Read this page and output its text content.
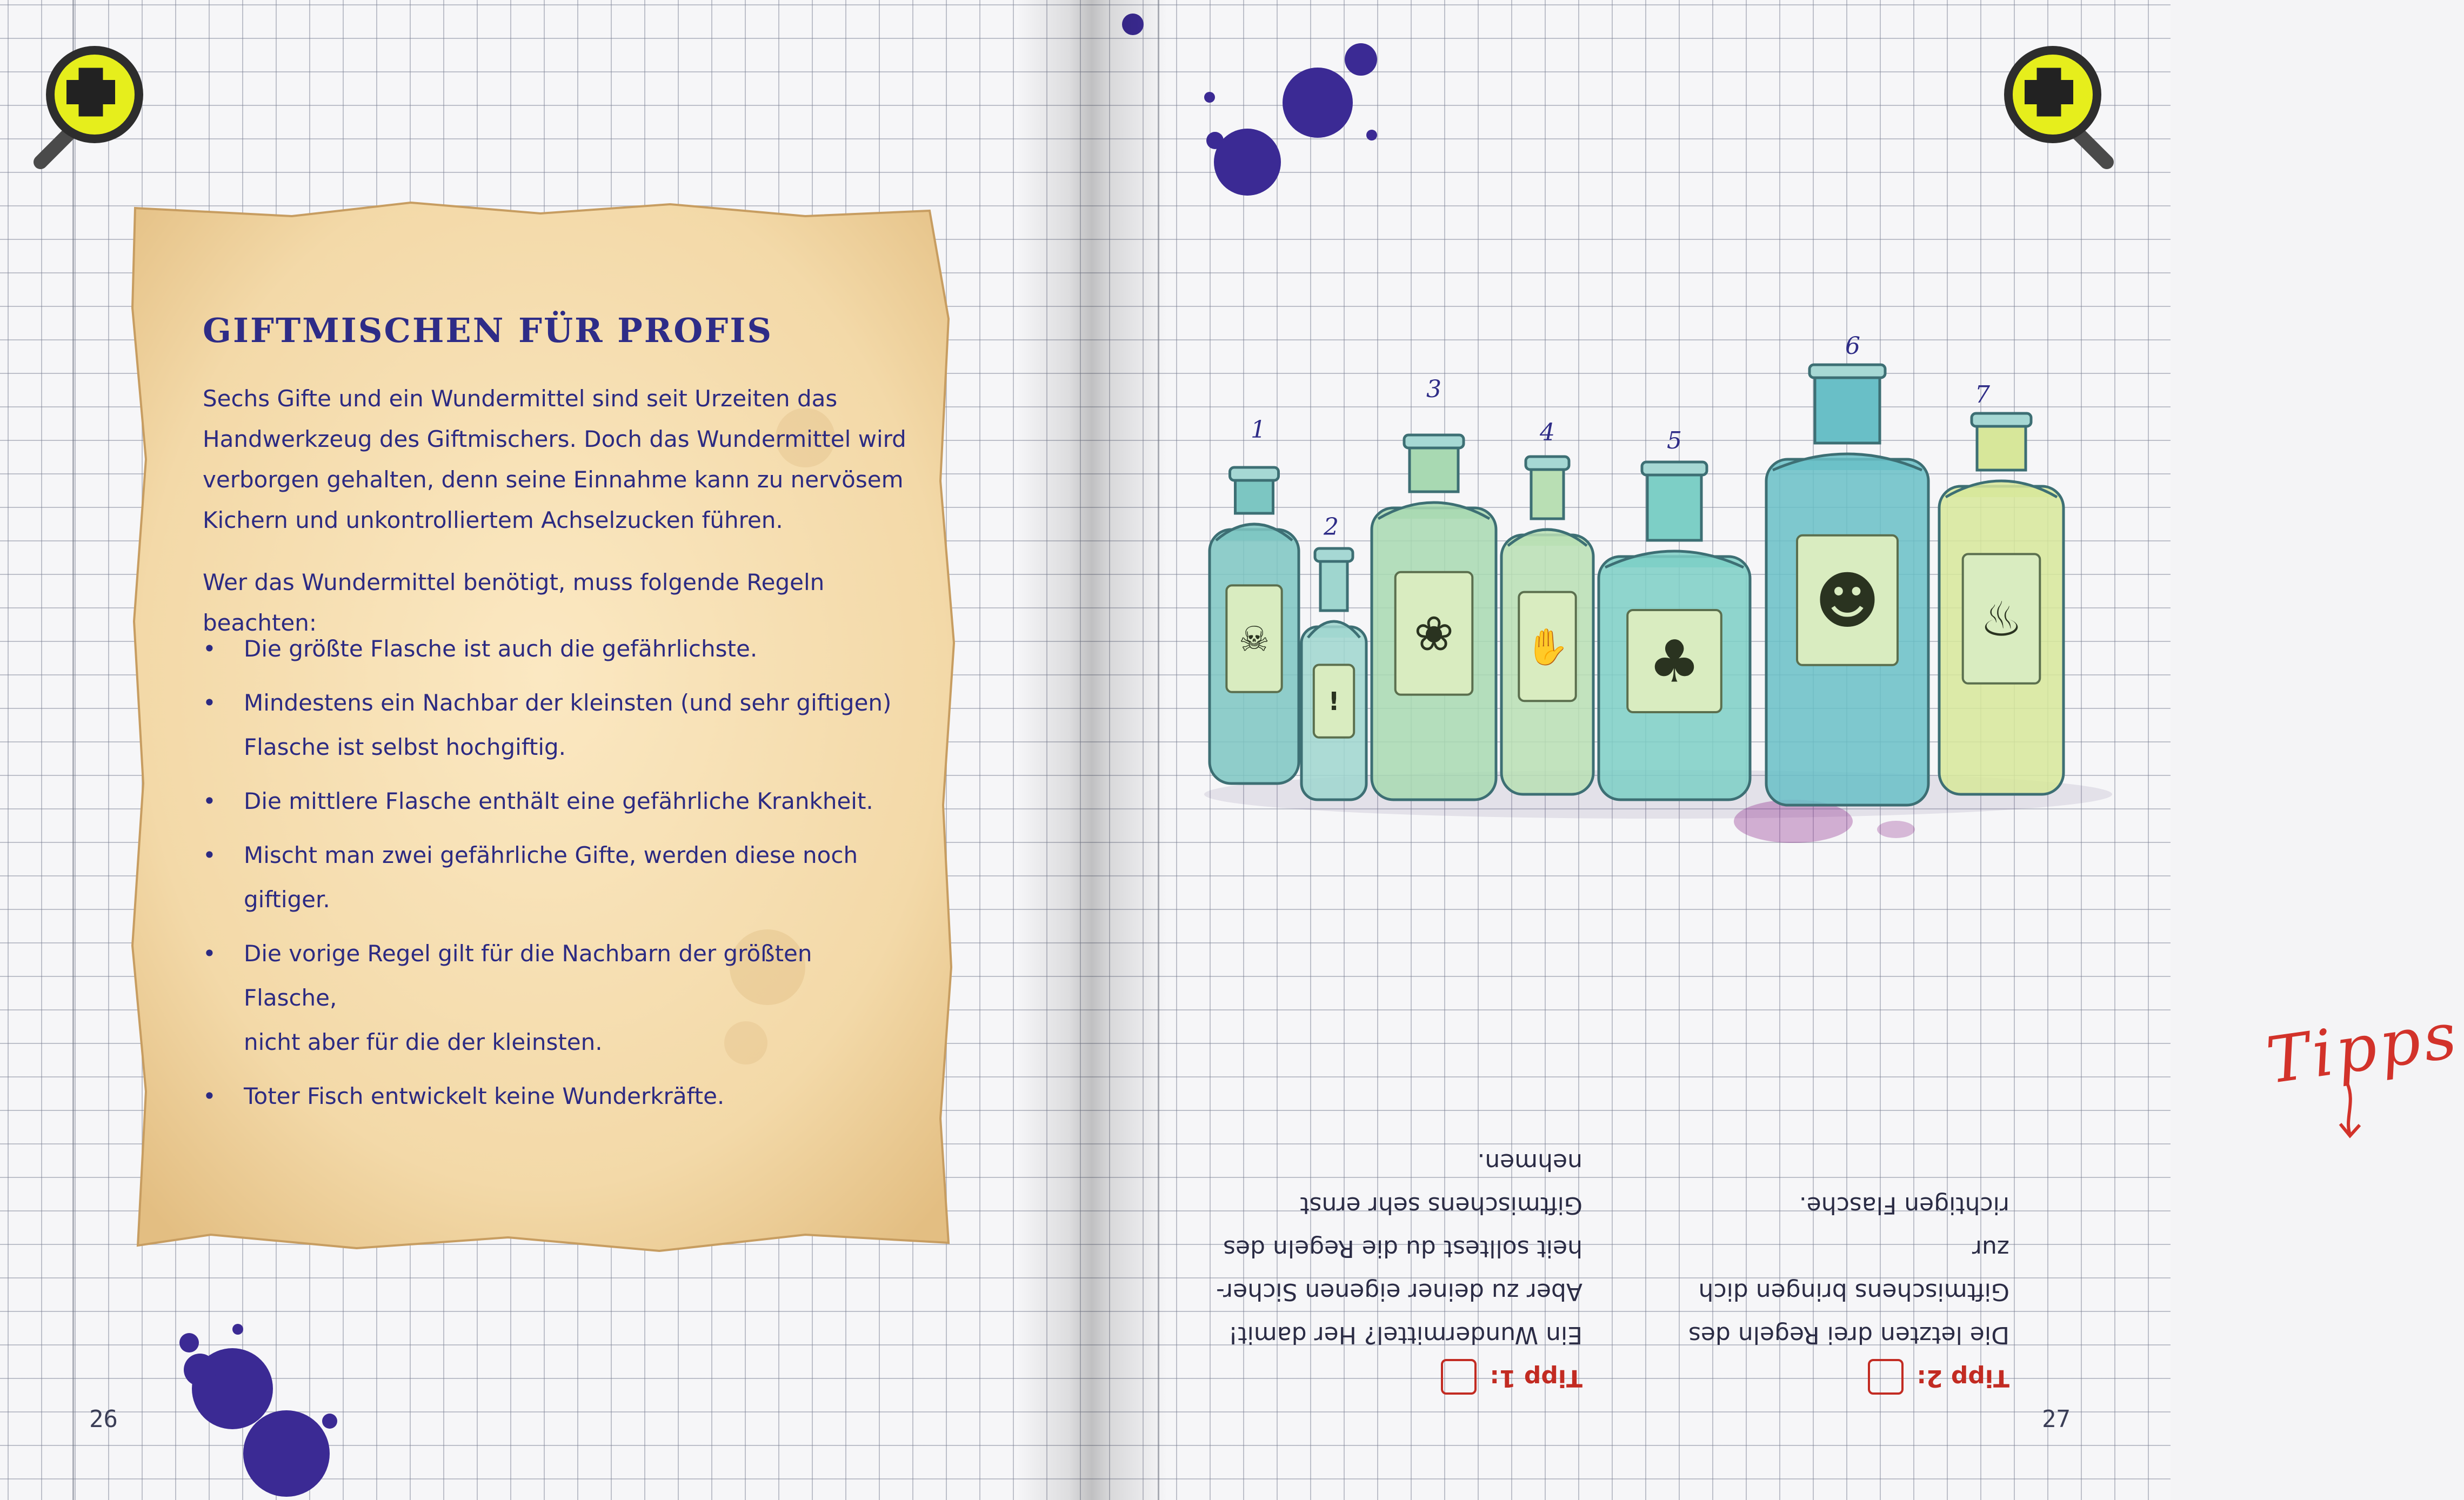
GIFTMISCHEN FÜR PROFIS
Sechs Gifte und ein Wundermittel sind seit Urzeiten das
Handwerkzeug des Giftmischers. Doch das Wundermittel wird
verborgen gehalten, denn seine Einnahme kann zu nervösem
Kichern und unkontrolliertem Achselzucken führen.
Wer das Wundermittel benötigt, muss folgende Regeln beachten:
• Die größte Flasche ist auch die gefährlichste.
• Mindestens ein Nachbar der kleinsten (und sehr giftigen)
Flasche ist selbst hochgiftig.
• Die mittlere Flasche enthält eine gefährliche Krankheit.
• Mischt man zwei gefährliche Gifte, werden diese noch giftiger.
• Die vorige Regel gilt für die Nachbarn der größten Flasche,
nicht aber für die der kleinsten.
• Toter Fisch entwickelt keine Wunderkräfte.
26
☠
1
!
2
❀
3
✋
4
♣
5
☻
6
♨
7
Tipps
Tipp 1:
Ein Wundermittel? Her damit!
Aber zu deiner eigenen Sicher-
heit solltest du die Regeln des
Giftmischens sehr ernst nehmen.
Tipp 2:
Die letzten drei Regeln des
Giftmischens bringen dich zur
richtigen Flasche.
27
